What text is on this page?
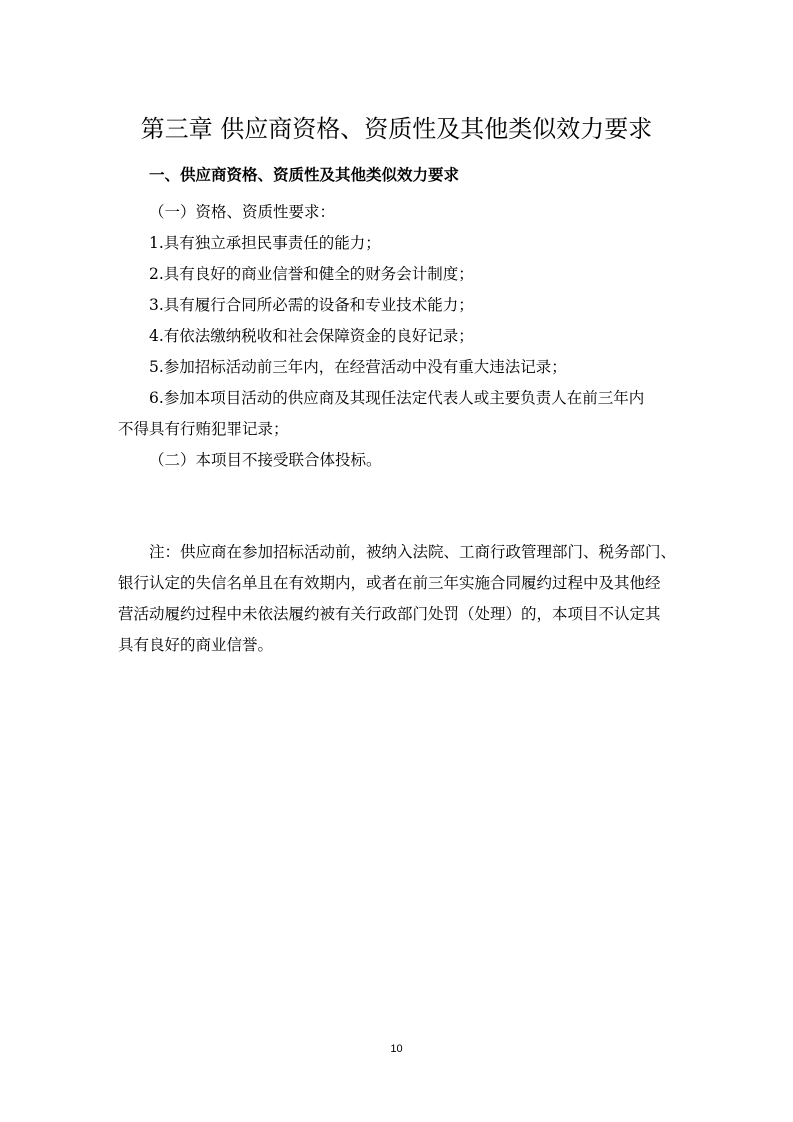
第三章 供应商资格、资质性及其他类似效力要求
一、供应商资格、资质性及其他类似效力要求
（一）资格、资质性要求：
1.具有独立承担民事责任的能力；
2.具有良好的商业信誉和健全的财务会计制度；
3.具有履行合同所必需的设备和专业技术能力；
4.有依法缴纳税收和社会保障资金的良好记录；
5.参加招标活动前三年内，在经营活动中没有重大违法记录；
6.参加本项目活动的供应商及其现任法定代表人或主要负责人在前三年内
不得具有行贿犯罪记录；
（二）本项目不接受联合体投标。
注：供应商在参加招标活动前，被纳入法院、工商行政管理部门、税务部门、
银行认定的失信名单且在有效期内，或者在前三年实施合同履约过程中及其他经
营活动履约过程中未依法履约被有关行政部门处罚（处理）的，本项目不认定其
具有良好的商业信誉。
10
